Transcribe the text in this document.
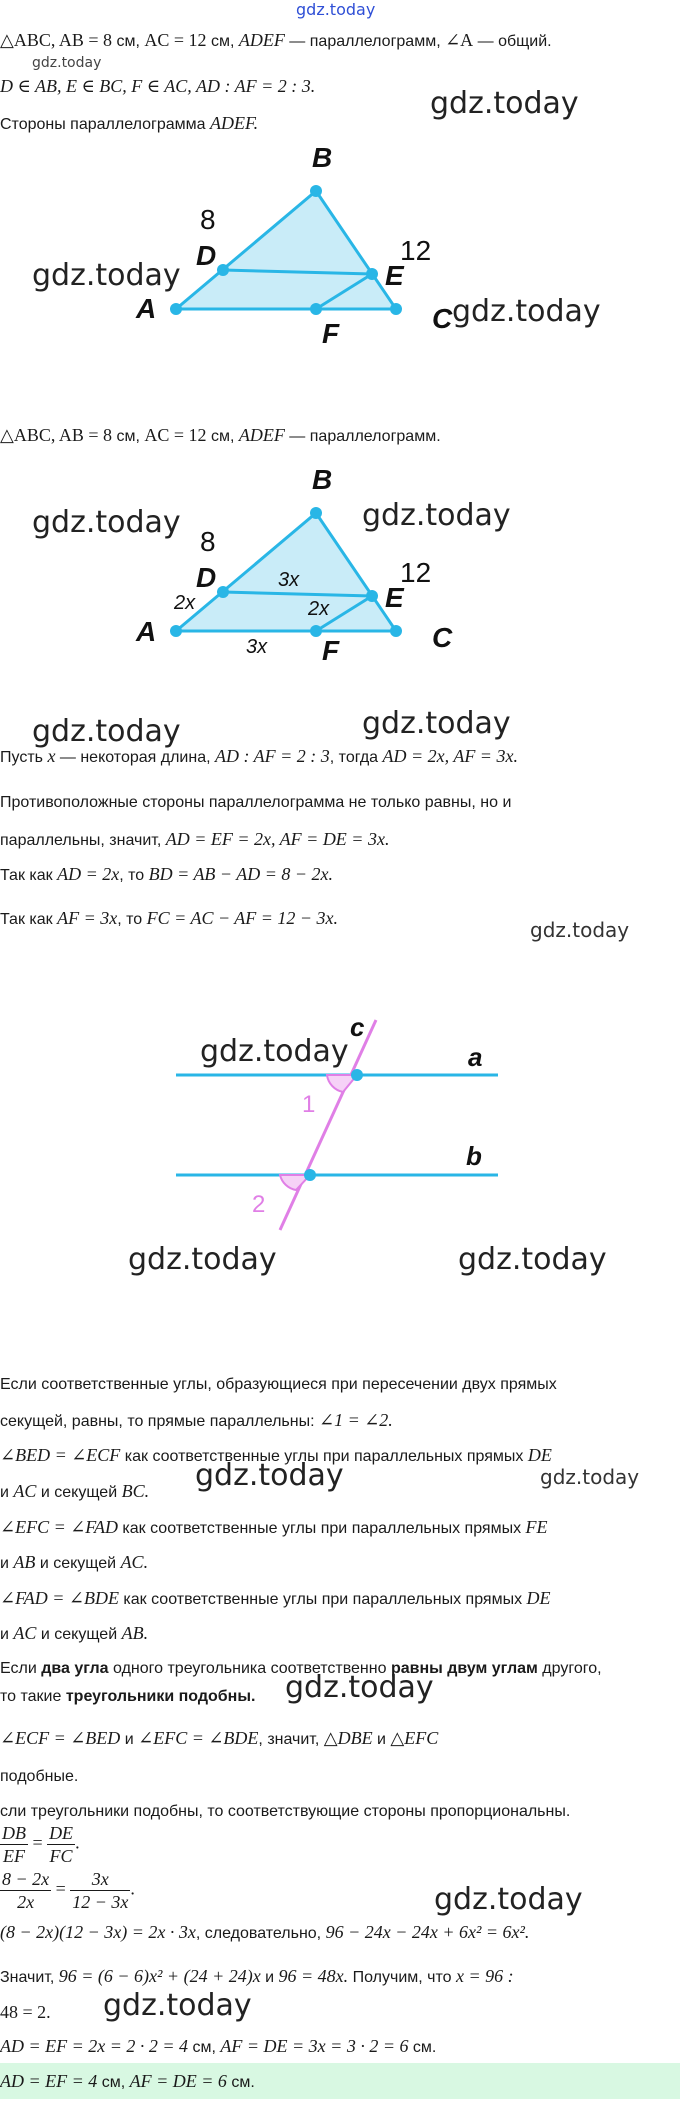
gdz.today
△ABC, AB = 8 см, AC = 12 см, ADEF — параллелограмм, ∠A — общий.
gdz.today
D ∈ AB, E ∈ BC, F ∈ AC, AD : AF = 2 : 3.	gdz.today
Стороны параллелограмма ADEF.
A
B
C
D
E
F
8
12
gdz.today
gdz.today
△ABC, AB = 8 см, AC = 12 см, ADEF — параллелограмм.
A
B
C
D
E
F
8
12
2x
3x
2x
3x
gdz.today	gdz.today
gdz.today	gdz.today
Пусть x — некоторая длина, AD : AF = 2 : 3, тогда AD = 2x, AF = 3x.
Противоположные стороны параллелограмма не только равны, но и
параллельны, значит, AD = EF = 2x, AF = DE = 3x.
Так как AD = 2x, то BD = AB − AD = 8 − 2x.
Так как AF = 3x, то FC = AC − AF = 12 − 3x.	gdz.today
c
a
b
1
2
gdz.today
gdz.today	gdz.today
Если соответственные углы, образующиеся при пересечении двух прямых
секущей, равны, то прямые параллельны: ∠1 = ∠2.
∠BED = ∠ECF как соответственные углы при параллельных прямых DE
и AC и секущей BC. gdz.today	gdz.today
∠EFC = ∠FAD как соответственные углы при параллельных прямых FE
и AB и секущей AC.
∠FAD = ∠BDE как соответственные углы при параллельных прямых DE
и AC и секущей AB.
Если два угла одного треугольника соответственно равны двум углам другого,
то такие треугольники подобны. gdz.today
∠ECF = ∠BED и ∠EFC = ∠BDE, значит, △DBE и △EFC
подобные.
сли треугольники подобны, то соответствующие стороны пропорциональны.
$\frac{DB}{EF} = \frac{DE}{FC}$ .
$\frac{8 - 2x}{2x} = \frac{3x}{12 - 3x}$ .	gdz.today
(8 − 2x)(12 − 3x) = 2x · 3x, следовательно, 96 − 24x − 24x + 6x² = 6x².
Значит, 96 = (6 − 6)x² + (24 + 24)x и 96 = 48x. Получим, что x = 96 :
48 = 2. gdz.today
AD = EF = 2x = 2 · 2 = 4 см, AF = DE = 3x = 3 · 2 = 6 см.
AD = EF = 4 см, AF = DE = 6 см.
